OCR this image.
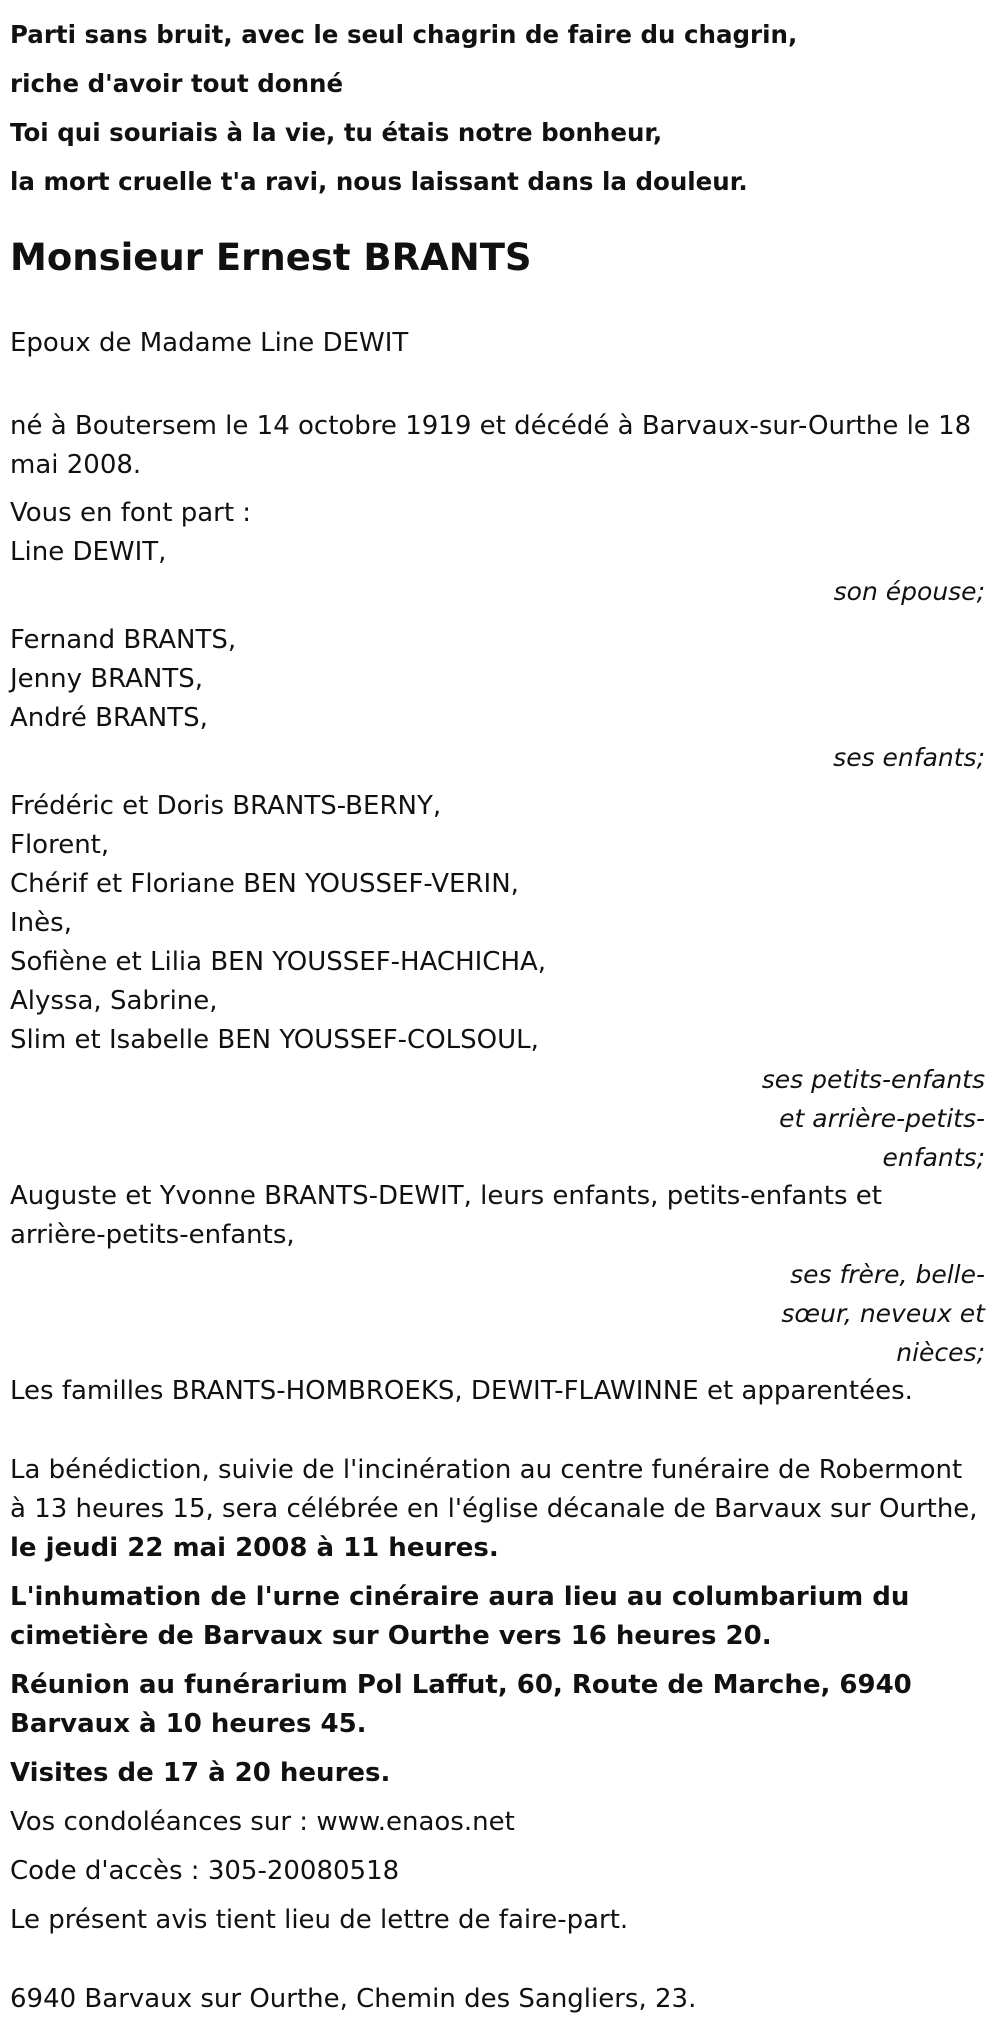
Parti sans bruit, avec le seul chagrin de faire du chagrin,

riche d'avoir tout donné

Toi qui souriais à la vie, tu étais notre bonheur,

la mort cruelle t'a ravi, nous laissant dans la douleur.

Monsieur Ernest BRANTS

Epoux de Madame Line DEWIT

né à Boutersem le 14 octobre 1919 et décédé à Barvaux-sur-Ourthe le 18 mai 2008.

Vous en font part :

Line DEWIT,

son épouse;

Fernand BRANTS,
Jenny BRANTS,
André BRANTS,

ses enfants;

Frédéric et Doris BRANTS-BERNY,
Florent,
Chérif et Floriane BEN YOUSSEF-VERIN,
Inès,
Sofiène et Lilia BEN YOUSSEF-HACHICHA,
Alyssa, Sabrine,
Slim et Isabelle BEN YOUSSEF-COLSOUL,
ses petits-enfants et arrière-petits-enfants;
Auguste et Yvonne BRANTS-DEWIT, leurs enfants, petits-enfants et arrière-petits-enfants,
ses frère, belle-sœur, neveux et nièces;

Les familles BRANTS-HOMBROEKS, DEWIT-FLAWINNE et apparentées.

La bénédiction, suivie de l'incinération au centre funéraire de Robermont à 13 heures 15, sera célébrée en l'église décanale de Barvaux sur Ourthe,

le jeudi 22 mai 2008 à 11 heures.

L'inhumation de l'urne cinéraire aura lieu au columbarium du cimetière de Barvaux sur Ourthe vers 16 heures 20.

Réunion au funérarium Pol Laffut, 60, Route de Marche, 6940 Barvaux à 10 heures 45.

Visites de 17 à 20 heures.

Vos condoléances sur : www.enaos.net

Code d'accès : 305-20080518

Le présent avis tient lieu de lettre de faire-part.

6940 Barvaux sur Ourthe, Chemin des Sangliers, 23.
